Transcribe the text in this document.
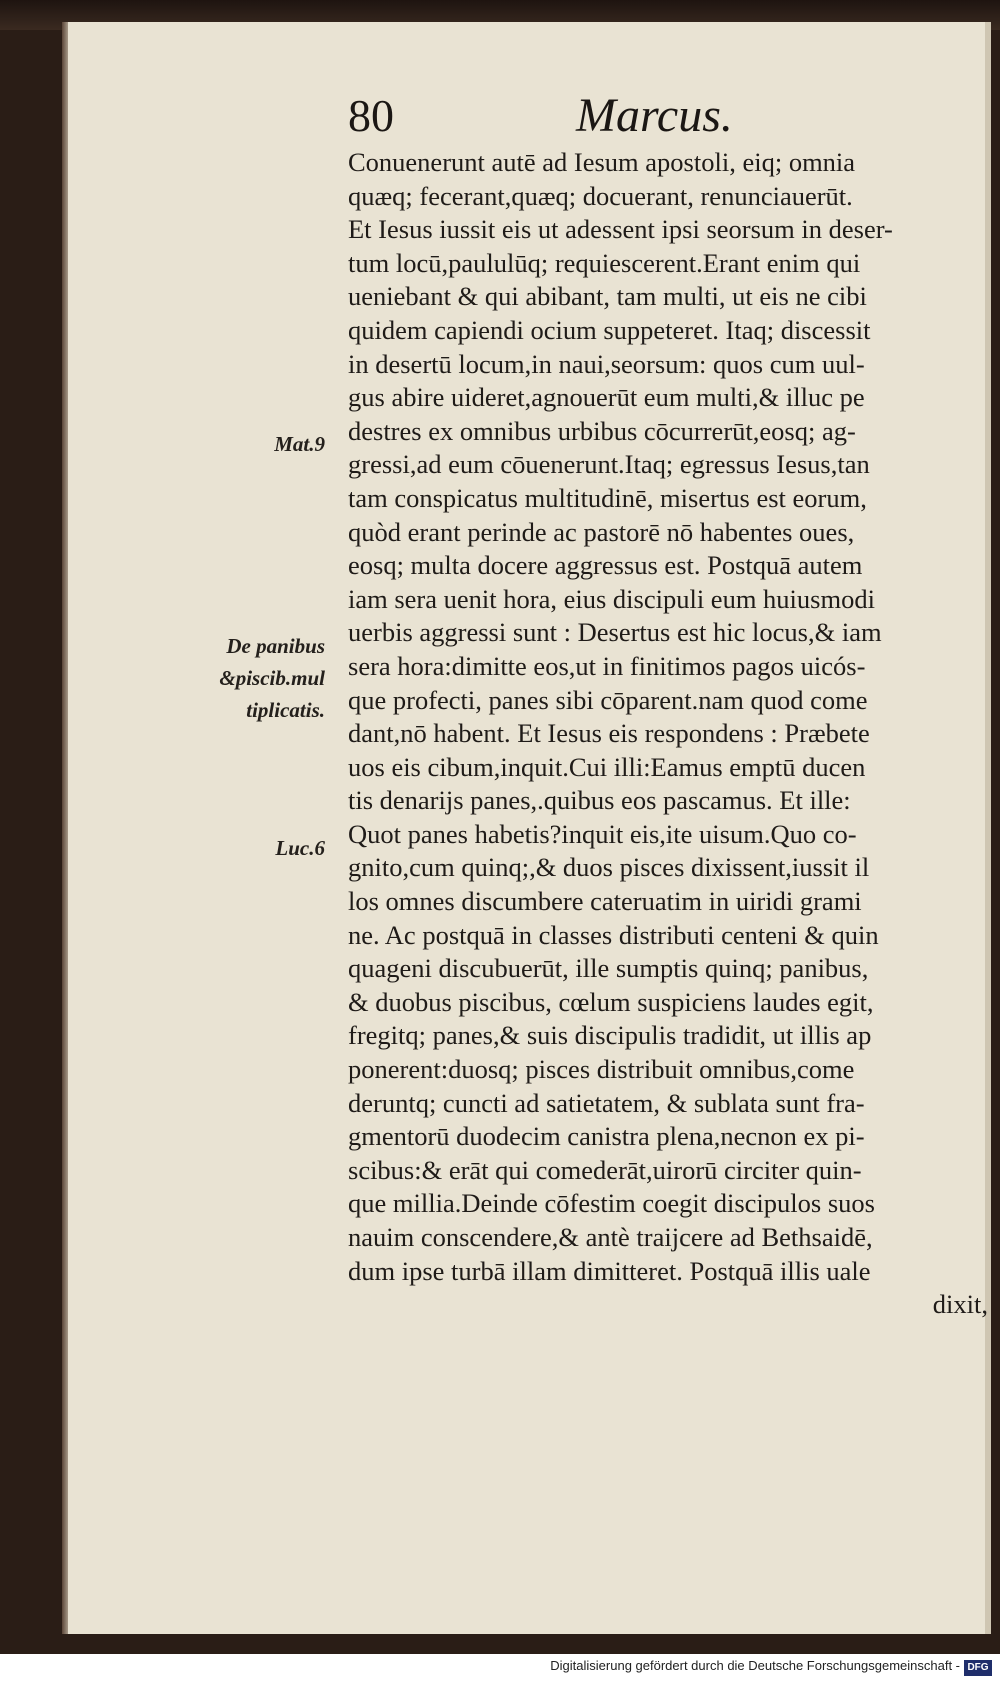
80	Marcus.
Conuenerunt autē ad Iesum apostoli, eiq; omnia
quæq; fecerant,quæq; docuerant, renunciauerūt.
Et Iesus iussit eis ut adessent ipsi seorsum in deser-
tum locū,paululūq; requiescerent.Erant enim qui
ueniebant & qui abibant, tam multi, ut eis ne cibi
quidem capiendi ocium suppeteret. Itaq; discessit
in desertū locum,in naui,seorsum: quos cum uul-
gus abire uideret,agnouerūt eum multi,& illuc pe
destres ex omnibus urbibus cōcurrerūt,eosq; ag-
gressi,ad eum cōuenerunt.Itaq; egressus Iesus,tan
tam conspicatus multitudinē, misertus est eorum,
quòd erant perinde ac pastorē nō habentes oues,
eosq; multa docere aggressus est. Postquā autem
iam sera uenit hora, eius discipuli eum huiusmodi
uerbis aggressi sunt : Desertus est hic locus,& iam
sera hora:dimitte eos,ut in finitimos pagos uicós-
que profecti, panes sibi cōparent.nam quod come
dant,nō habent. Et Iesus eis respondens : Præbete
uos eis cibum,inquit.Cui illi:Eamus emptū ducen
tis denarijs panes,.quibus eos pascamus. Et ille:
Quot panes habetis?inquit eis,ite uisum.Quo co-
gnito,cum quinq;,& duos pisces dixissent,iussit il
los omnes discumbere cateruatim in uiridi grami
ne. Ac postquā in classes distributi centeni & quin
quageni discubuerūt, ille sumptis quinq; panibus,
& duobus piscibus, cœlum suspiciens laudes egit,
fregitq; panes,& suis discipulis tradidit, ut illis ap
ponerent:duosq; pisces distribuit omnibus,come
deruntq; cuncti ad satietatem, & sublata sunt fra-
gmentorū duodecim canistra plena,necnon ex pi-
scibus:& erāt qui comederāt,uirorū circiter quin-
que millia.Deinde cōfestim coegit discipulos suos
nauim conscendere,& antè traijcere ad Bethsaidē,
dum ipse turbā illam dimitteret. Postquā illis uale
dixit,
Mat.9
De panibus
&piscib.mul
tiplicatis.
Luc.6
Digitalisierung gefördert durch die Deutsche Forschungsgemeinschaft - DFG
